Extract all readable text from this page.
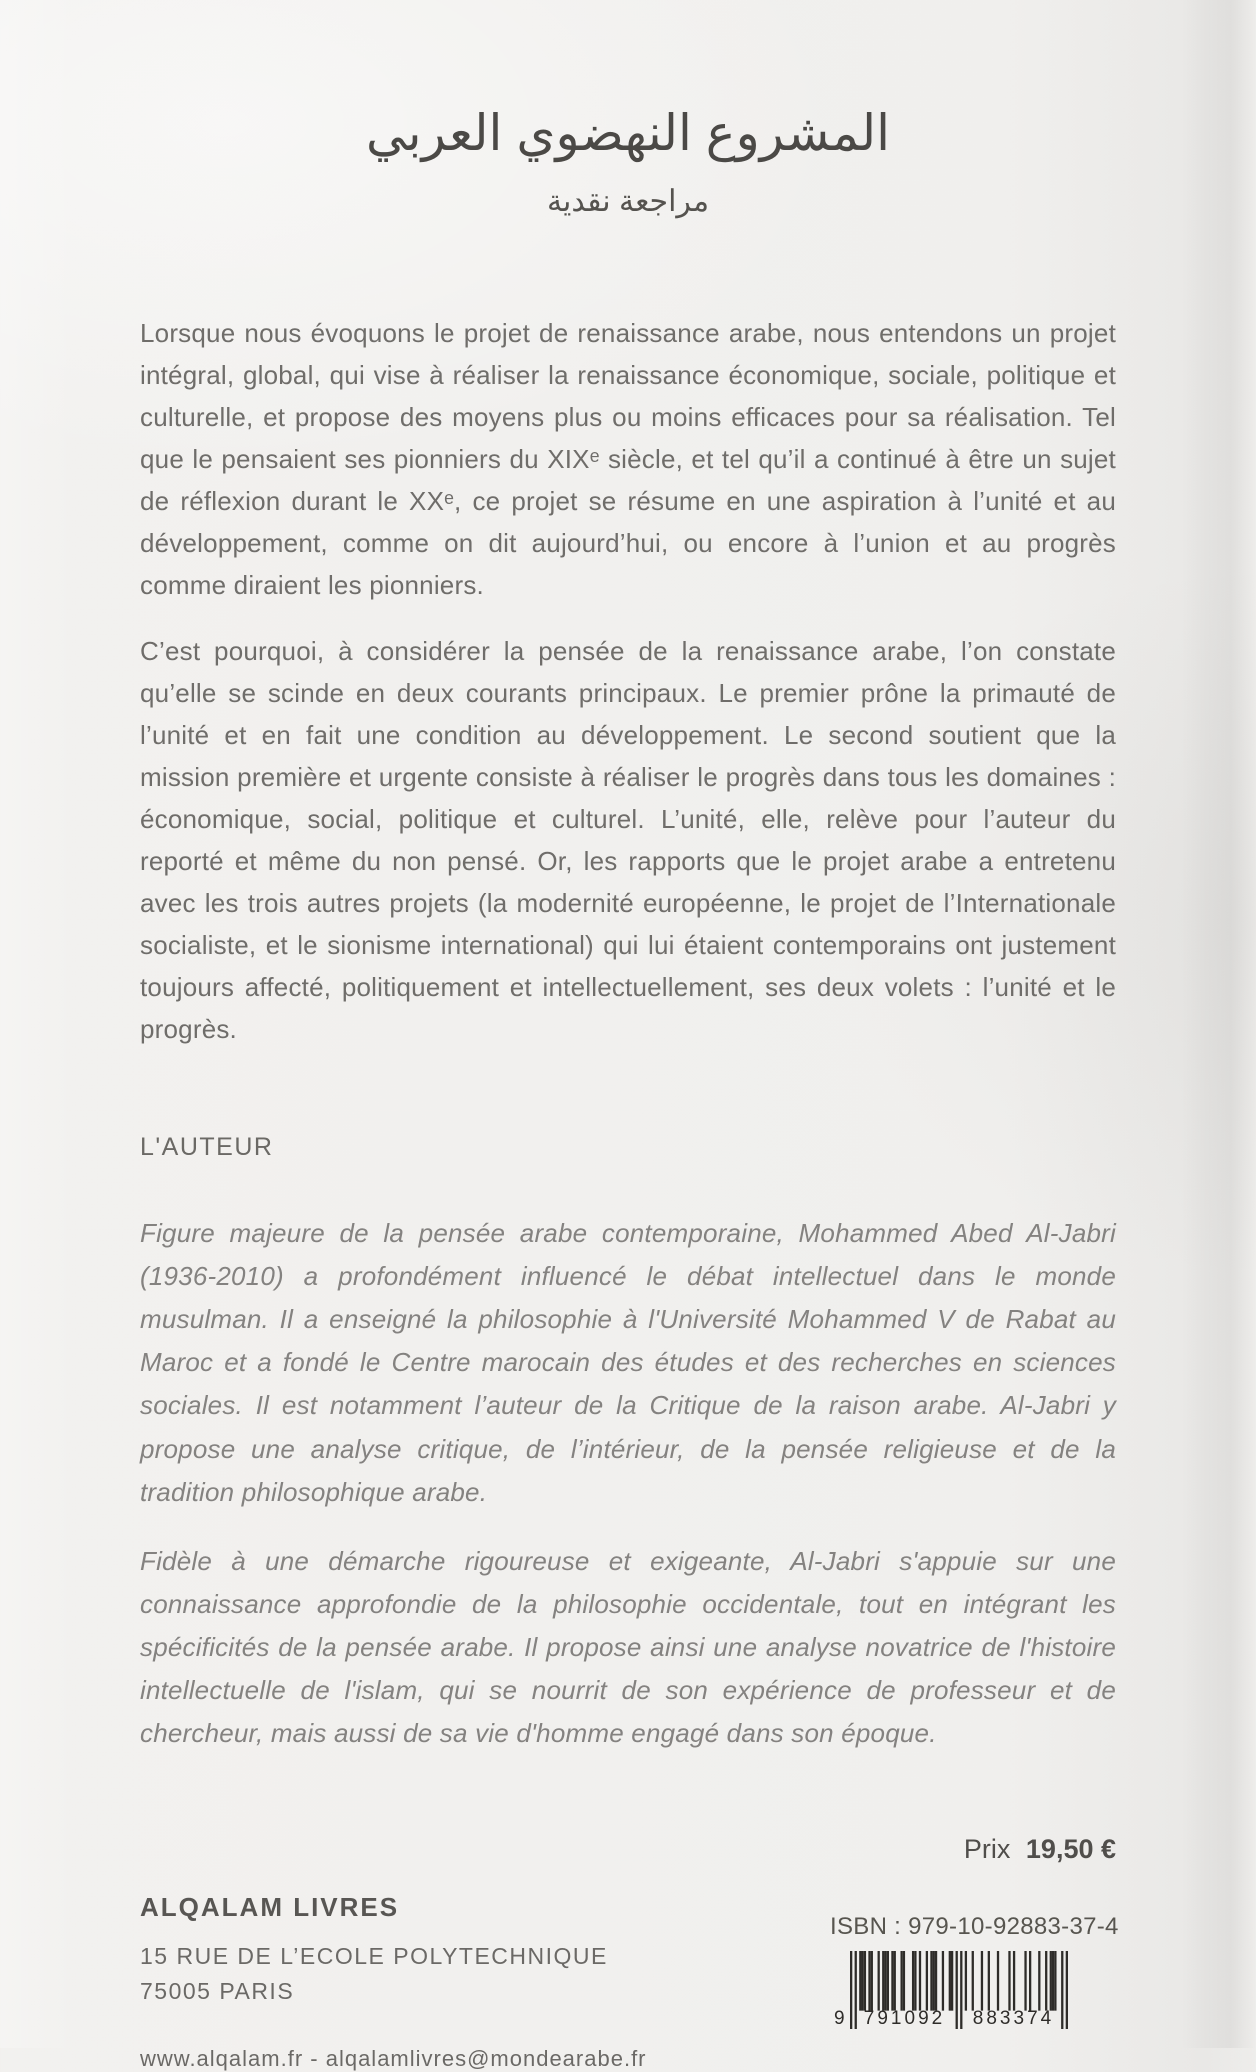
المشروع النهضوي العربي
مراجعة نقدية

Lorsque nous évoquons le projet de renaissance arabe, nous entendons un projet intégral, global, qui vise à réaliser la renaissance économique, sociale, politique et culturelle, et propose des moyens plus ou moins efficaces pour sa réalisation. Tel que le pensaient ses pionniers du XIXᵉ siècle, et tel qu’il a continué à être un sujet de réflexion durant le XXᵉ, ce projet se résume en une aspiration à l’unité et au développement, comme on dit aujourd’hui, ou encore à l’union et au progrès comme diraient les pionniers.

C’est pourquoi, à considérer la pensée de la renaissance arabe, l’on constate qu’elle se scinde en deux courants principaux. Le premier prône la primauté de l’unité et en fait une condition au développement. Le second soutient que la mission première et urgente consiste à réaliser le progrès dans tous les domaines : économique, social, politique et culturel. L’unité, elle, relève pour l’auteur du reporté et même du non pensé. Or, les rapports que le projet arabe a entretenu avec les trois autres projets (la modernité européenne, le projet de l’Internationale socialiste, et le sionisme international) qui lui étaient contemporains ont justement toujours affecté, politiquement et intellectuellement, ses deux volets : l’unité et le progrès.

L'AUTEUR

Figure majeure de la pensée arabe contemporaine, Mohammed Abed Al-Jabri (1936-2010) a profondément influencé le débat intellectuel dans le monde musulman. Il a enseigné la philosophie à l'Université Mohammed V de Rabat au Maroc et a fondé le Centre marocain des études et des recherches en sciences sociales. Il est notamment l’auteur de la Critique de la raison arabe. Al-Jabri y propose une analyse critique, de l’intérieur, de la pensée religieuse et de la tradition philosophique arabe.

Fidèle à une démarche rigoureuse et exigeante, Al-Jabri s'appuie sur une connaissance approfondie de la philosophie occidentale, tout en intégrant les spécificités de la pensée arabe. Il propose ainsi une analyse novatrice de l'histoire intellectuelle de l'islam, qui se nourrit de son expérience de professeur et de chercheur, mais aussi de sa vie d'homme engagé dans son époque.

ALQALAM LIVRES
15 RUE DE L’ECOLE POLYTECHNIQUE
75005 PARIS
www.alqalam.fr - alqalamlivres@mondearabe.fr
Prix 19,50 €
ISBN : 979-10-92883-37-4
9 791092	883374
